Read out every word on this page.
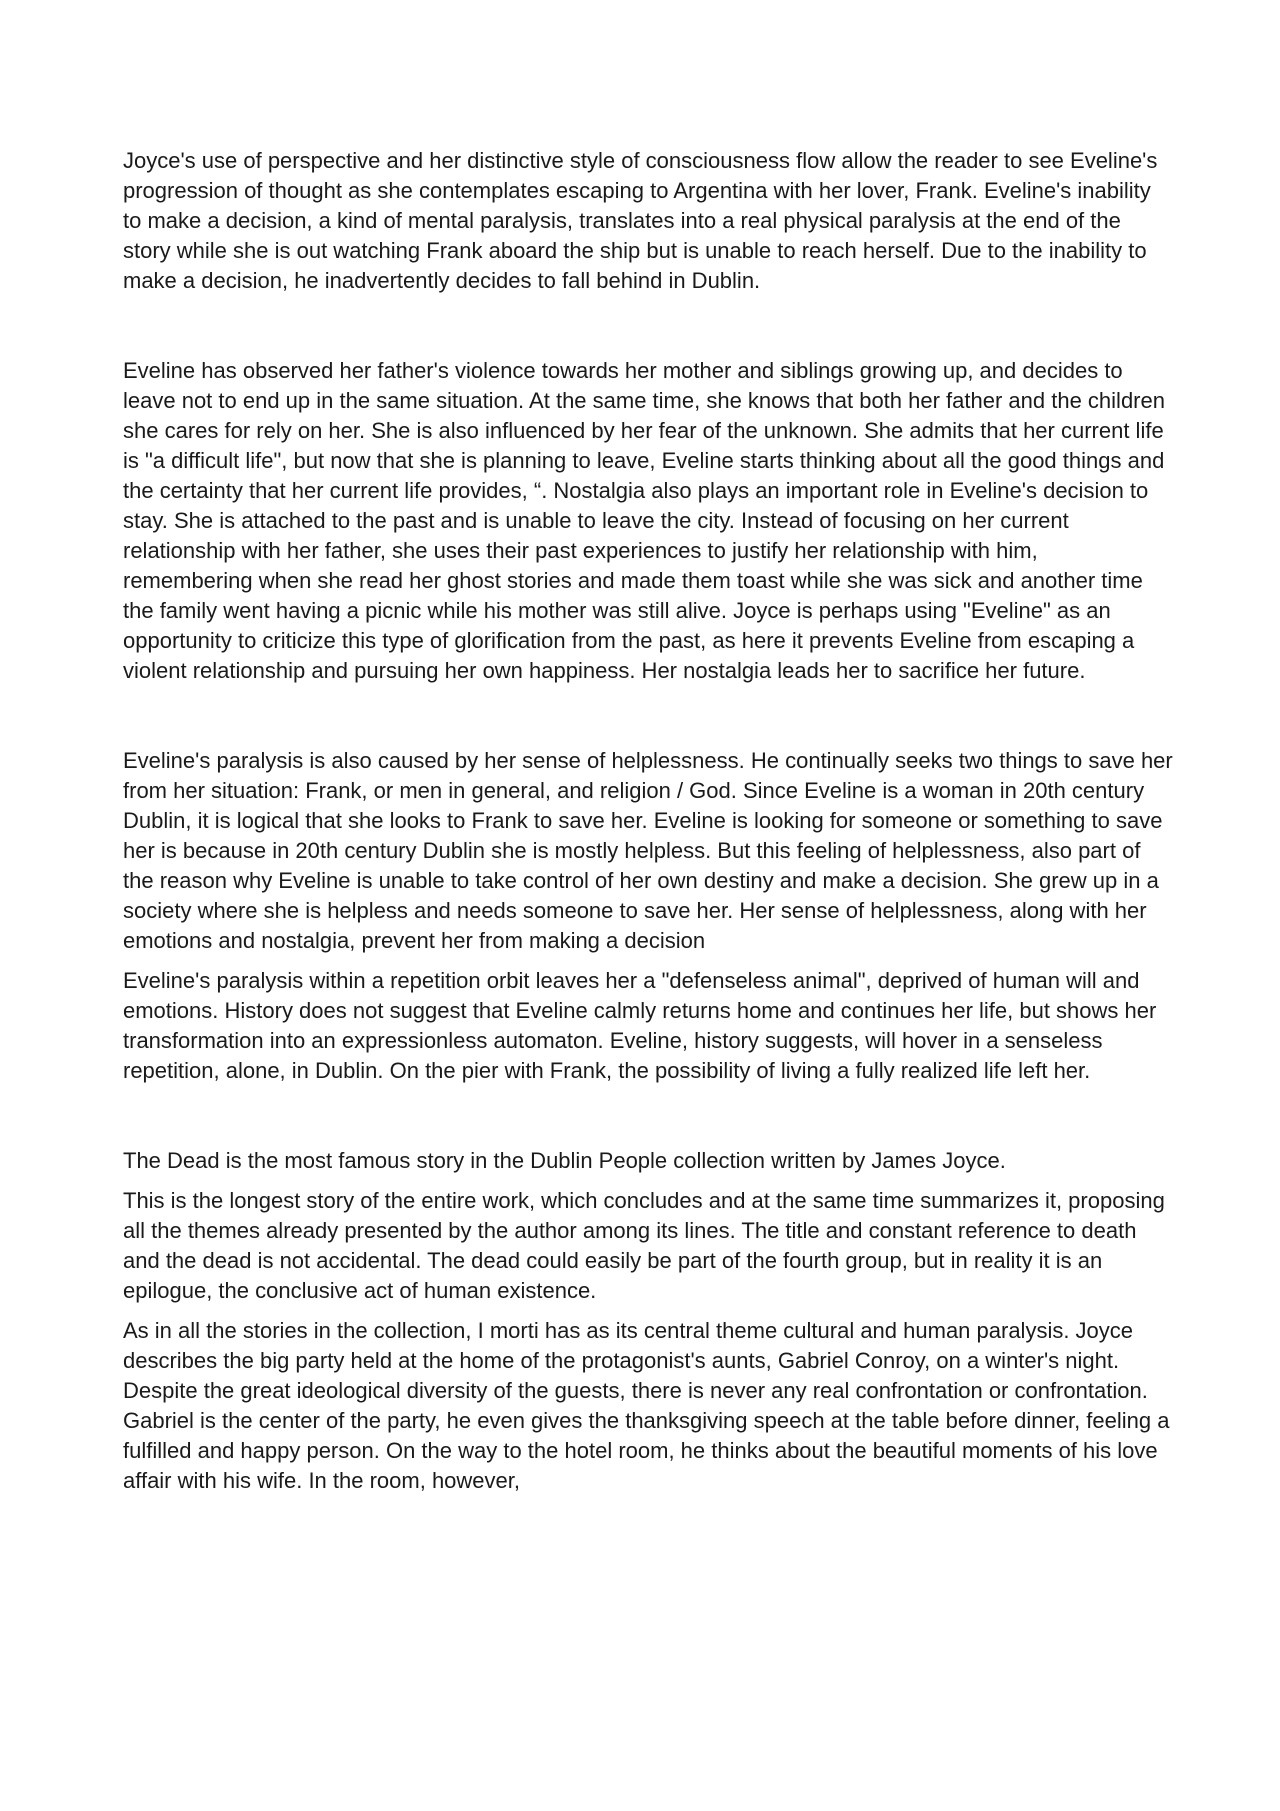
Joyce's use of perspective and her distinctive style of consciousness flow allow the reader to see Eveline's progression of thought as she contemplates escaping to Argentina with her lover, Frank. Eveline's inability to make a decision, a kind of mental paralysis, translates into a real physical paralysis at the end of the story while she is out watching Frank aboard the ship but is unable to reach herself. Due to the inability to make a decision, he inadvertently decides to fall behind in Dublin.

Eveline has observed her father's violence towards her mother and siblings growing up, and decides to leave not to end up in the same situation. At the same time, she knows that both her father and the children she cares for rely on her. She is also influenced by her fear of the unknown. She admits that her current life is "a difficult life", but now that she is planning to leave, Eveline starts thinking about all the good things and the certainty that her current life provides, “. Nostalgia also plays an important role in Eveline's decision to stay. She is attached to the past and is unable to leave the city. Instead of focusing on her current relationship with her father, she uses their past experiences to justify her relationship with him, remembering when she read her ghost stories and made them toast while she was sick and another time the family went having a picnic while his mother was still alive. Joyce is perhaps using "Eveline" as an opportunity to criticize this type of glorification from the past, as here it prevents Eveline from escaping a violent relationship and pursuing her own happiness. Her nostalgia leads her to sacrifice her future.

Eveline's paralysis is also caused by her sense of helplessness. He continually seeks two things to save her from her situation: Frank, or men in general, and religion / God. Since Eveline is a woman in 20th century Dublin, it is logical that she looks to Frank to save her. Eveline is looking for someone or something to save her is because in 20th century Dublin she is mostly helpless. But this feeling of helplessness, also part of the reason why Eveline is unable to take control of her own destiny and make a decision. She grew up in a society where she is helpless and needs someone to save her. Her sense of helplessness, along with her emotions and nostalgia, prevent her from making a decision

Eveline's paralysis within a repetition orbit leaves her a "defenseless animal", deprived of human will and emotions. History does not suggest that Eveline calmly returns home and continues her life, but shows her transformation into an expressionless automaton. Eveline, history suggests, will hover in a senseless repetition, alone, in Dublin. On the pier with Frank, the possibility of living a fully realized life left her.

The Dead is the most famous story in the Dublin People collection written by James Joyce.

This is the longest story of the entire work, which concludes and at the same time summarizes it, proposing all the themes already presented by the author among its lines. The title and constant reference to death and the dead is not accidental. The dead could easily be part of the fourth group, but in reality it is an epilogue, the conclusive act of human existence.

As in all the stories in the collection, I morti has as its central theme cultural and human paralysis. Joyce describes the big party held at the home of the protagonist's aunts, Gabriel Conroy, on a winter's night. Despite the great ideological diversity of the guests, there is never any real confrontation or confrontation. Gabriel is the center of the party, he even gives the thanksgiving speech at the table before dinner, feeling a fulfilled and happy person. On the way to the hotel room, he thinks about the beautiful moments of his love affair with his wife. In the room, however,
